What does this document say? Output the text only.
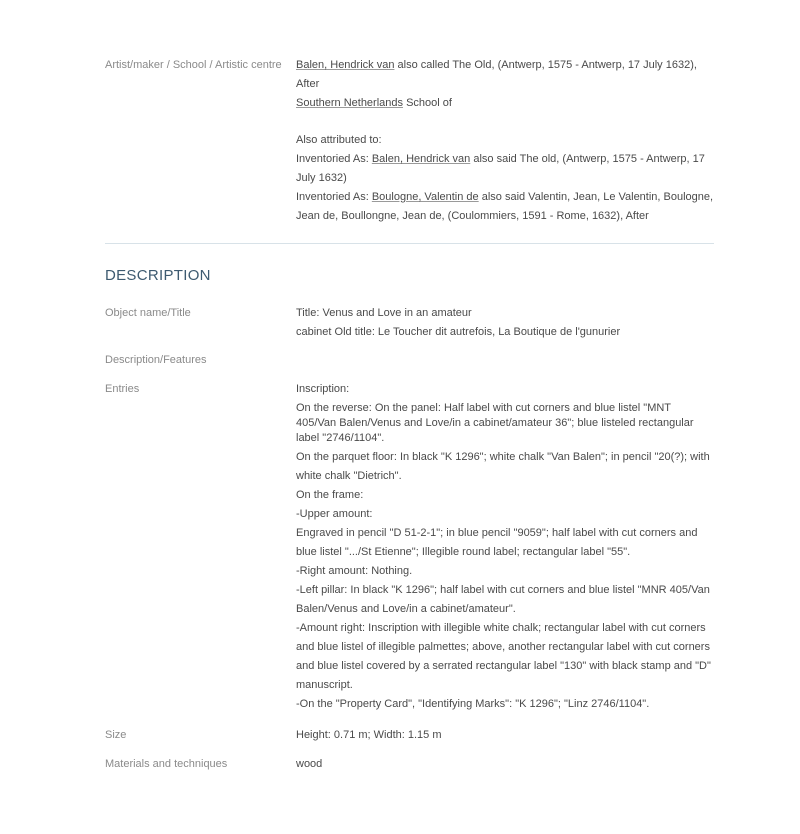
Artist/maker / School / Artistic centre	Balen, Hendrick van also called The Old, (Antwerp, 1575 - Antwerp, 17 July 1632), After

Southern Netherlands School of

Also attributed to:

Inventoried As: Balen, Hendrick van also said The old, (Antwerp, 1575 - Antwerp, 17 July 1632)

Inventoried As: Boulogne, Valentin de also said Valentin, Jean, Le Valentin, Boulogne, Jean de, Boullongne, Jean de, (Coulommiers, 1591 - Rome, 1632), After

DESCRIPTION
Object name/Title	Title: Venus and Love in an amateur

cabinet Old title: Le Toucher dit autrefois, La Boutique de l'gunurier

Description/Features
Entries	Inscription:

On the reverse: On the panel: Half label with cut corners and blue listel "MNT 405/Van Balen/Venus and Love/in a cabinet/amateur 36"; blue listeled rectangular label "2746/1104".

On the parquet floor: In black "K 1296"; white chalk "Van Balen"; in pencil "20(?); with white chalk "Dietrich".

On the frame:

-Upper amount:

Engraved in pencil "D 51-2-1"; in blue pencil "9059"; half label with cut corners and blue listel ".../St Etienne"; Illegible round label; rectangular label "55".

-Right amount: Nothing.

-Left pillar: In black "K 1296"; half label with cut corners and blue listel "MNR 405/Van Balen/Venus and Love/in a cabinet/amateur".

-Amount right: Inscription with illegible white chalk; rectangular label with cut corners and blue listel of illegible palmettes; above, another rectangular label with cut corners and blue listel covered by a serrated rectangular label "130" with black stamp and "D" manuscript.

-On the "Property Card", "Identifying Marks": "K 1296"; "Linz 2746/1104".

Size	Height: 0.71 m; Width: 1.15 m
Materials and techniques	wood
